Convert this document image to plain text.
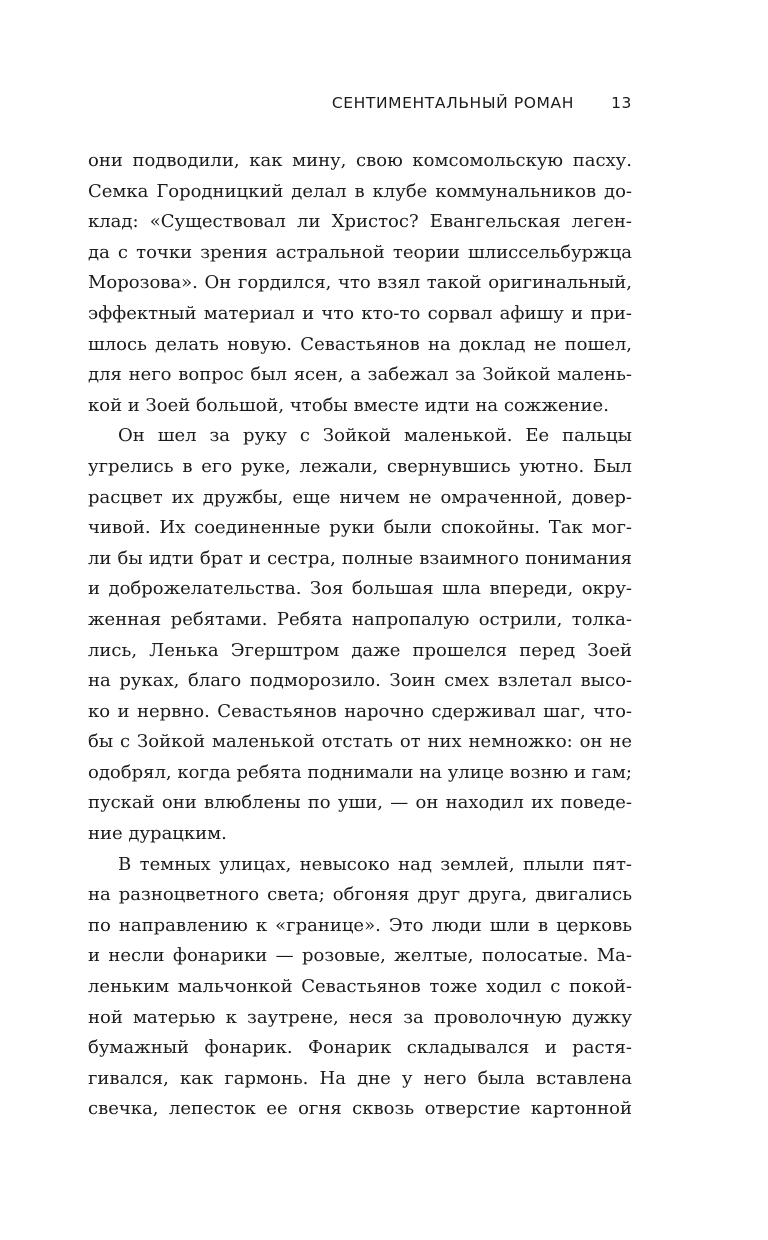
СЕНТИМЕНТАЛЬНЫЙ РОМАН 13
они подводили, как мину, свою комсомольскую пасху.
Семка Городницкий делал в клубе коммунальников до-
клад: «Существовал ли Христос? Евангельская леген-
да с точки зрения астральной теории шлиссельбуржца
Морозова». Он гордился, что взял такой оригинальный,
эффектный материал и что кто-то сорвал афишу и при-
шлось делать новую. Севастьянов на доклад не пошел,
для него вопрос был ясен, а забежал за Зойкой малень-
кой и Зоей большой, чтобы вместе идти на сожжение.
Он шел за руку с Зойкой маленькой. Ее пальцы
угрелись в его руке, лежали, свернувшись уютно. Был
расцвет их дружбы, еще ничем не омраченной, довер-
чивой. Их соединенные руки были спокойны. Так мог-
ли бы идти брат и сестра, полные взаимного понимания
и доброжелательства. Зоя большая шла впереди, окру-
женная ребятами. Ребята напропалую острили, толка-
лись, Ленька Эгерштром даже прошелся перед Зоей
на руках, благо подморозило. Зоин смех взлетал высо-
ко и нервно. Севастьянов нарочно сдерживал шаг, что-
бы с Зойкой маленькой отстать от них немножко: он не
одобрял, когда ребята поднимали на улице возню и гам;
пускай они влюблены по уши, — он находил их поведе-
ние дурацким.
В темных улицах, невысоко над землей, плыли пят-
на разноцветного света; обгоняя друг друга, двигались
по направлению к «границе». Это люди шли в церковь
и несли фонарики — розовые, желтые, полосатые. Ма-
леньким мальчонкой Севастьянов тоже ходил с покой-
ной матерью к заутрене, неся за проволочную дужку
бумажный фонарик. Фонарик складывался и растя-
гивался, как гармонь. На дне у него была вставлена
свечка, лепесток ее огня сквозь отверстие картонной
